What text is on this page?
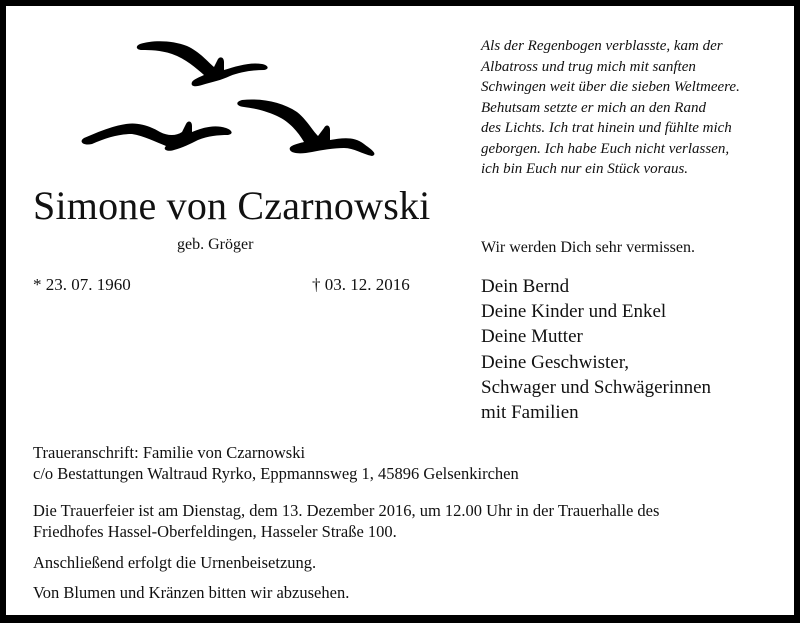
Simone von Czarnowski
geb. Gröger
* 23. 07. 1960	† 03. 12. 2016
Als der Regenbogen verblasste, kam der
Albatross und trug mich mit sanften
Schwingen weit über die sieben Weltmeere.
Behutsam setzte er mich an den Rand
des Lichts. Ich trat hinein und fühlte mich
geborgen. Ich habe Euch nicht verlassen,
ich bin Euch nur ein Stück voraus.
Wir werden Dich sehr vermissen.
Dein Bernd
Deine Kinder und Enkel
Deine Mutter
Deine Geschwister,
Schwager und Schwägerinnen
mit Familien
Traueranschrift: Familie von Czarnowski
c/o Bestattungen Waltraud Ryrko, Eppmannsweg 1, 45896 Gelsenkirchen
Die Trauerfeier ist am Dienstag, dem 13. Dezember 2016, um 12.00 Uhr in der Trauerhalle des
Friedhofes Hassel-Oberfeldingen, Hasseler Straße 100.
Anschließend erfolgt die Urnenbeisetzung.
Von Blumen und Kränzen bitten wir abzusehen.
